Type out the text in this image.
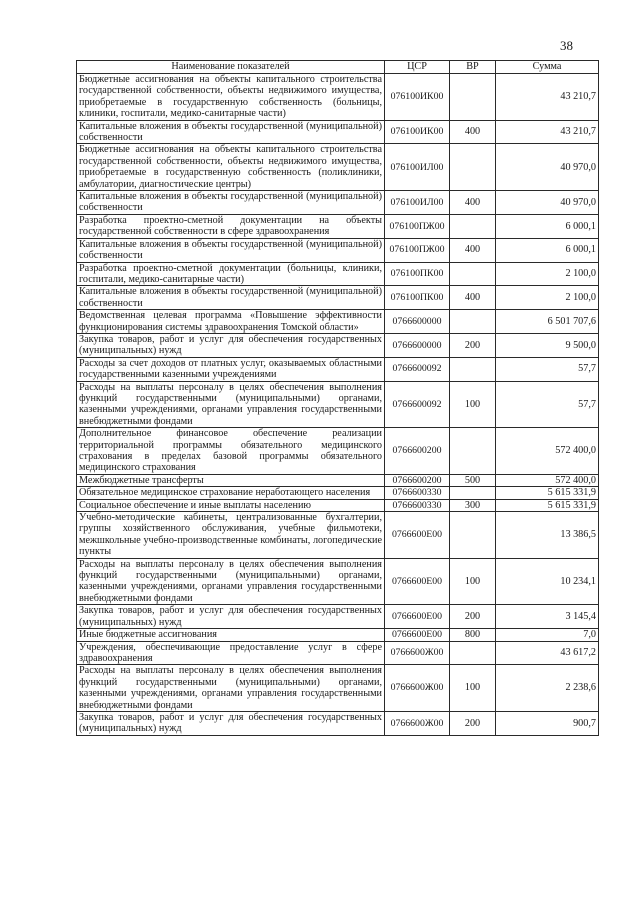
38
Наименование показателей	ЦСР	ВР	Сумма
Бюджетные ассигнования на объекты капитального строительства государственной собственности, объекты недвижимого имущества, приобретаемые в государственную собственность (больницы, клиники, госпитали, медико-санитарные части)	076100ИК00		43 210,7
Капитальные вложения в объекты государственной (муниципальной) собственности	076100ИК00	400	43 210,7
Бюджетные ассигнования на объекты капитального строительства государственной собственности, объекты недвижимого имущества, приобретаемые в государственную собственность (поликлиники, амбулатории, диагностические центры)	076100ИЛ00		40 970,0
Капитальные вложения в объекты государственной (муниципальной) собственности	076100ИЛ00	400	40 970,0
Разработка проектно-сметной документации на объекты государственной собственности в сфере здравоохранения	076100ПЖ00		6 000,1
Капитальные вложения в объекты государственной (муниципальной) собственности	076100ПЖ00	400	6 000,1
Разработка проектно-сметной документации (больницы, клиники, госпитали, медико-санитарные части)	076100ПК00		2 100,0
Капитальные вложения в объекты государственной (муниципальной) собственности	076100ПК00	400	2 100,0
Ведомственная целевая программа «Повышение эффективности функционирования системы здравоохранения Томской области»	0766600000		6 501 707,6
Закупка товаров, работ и услуг для обеспечения государственных (муниципальных) нужд	0766600000	200	9 500,0
Расходы за счет доходов от платных услуг, оказываемых областными государственными казенными учреждениями	0766600092		57,7
Расходы на выплаты персоналу в целях обеспечения выполнения функций государственными (муниципальными) органами, казенными учреждениями, органами управления государственными внебюджетными фондами	0766600092	100	57,7
Дополнительное финансовое обеспечение реализации территориальной программы обязательного медицинского страхования в пределах базовой программы обязательного медицинского страхования	0766600200		572 400,0
Межбюджетные трансферты	0766600200	500	572 400,0
Обязательное медицинское страхование неработающего населения	0766600330		5 615 331,9
Социальное обеспечение и иные выплаты населению	0766600330	300	5 615 331,9
Учебно-методические кабинеты, централизованные бухгалтерии, группы хозяйственного обслуживания, учебные фильмотеки, межшкольные учебно-производственные комбинаты, логопедические пункты	0766600Е00		13 386,5
Расходы на выплаты персоналу в целях обеспечения выполнения функций государственными (муниципальными) органами, казенными учреждениями, органами управления государственными внебюджетными фондами	0766600Е00	100	10 234,1
Закупка товаров, работ и услуг для обеспечения государственных (муниципальных) нужд	0766600Е00	200	3 145,4
Иные бюджетные ассигнования	0766600Е00	800	7,0
Учреждения, обеспечивающие предоставление услуг в сфере здравоохранения	0766600Ж00		43 617,2
Расходы на выплаты персоналу в целях обеспечения выполнения функций государственными (муниципальными) органами, казенными учреждениями, органами управления государственными внебюджетными фондами	0766600Ж00	100	2 238,6
Закупка товаров, работ и услуг для обеспечения государственных (муниципальных) нужд	0766600Ж00	200	900,7
